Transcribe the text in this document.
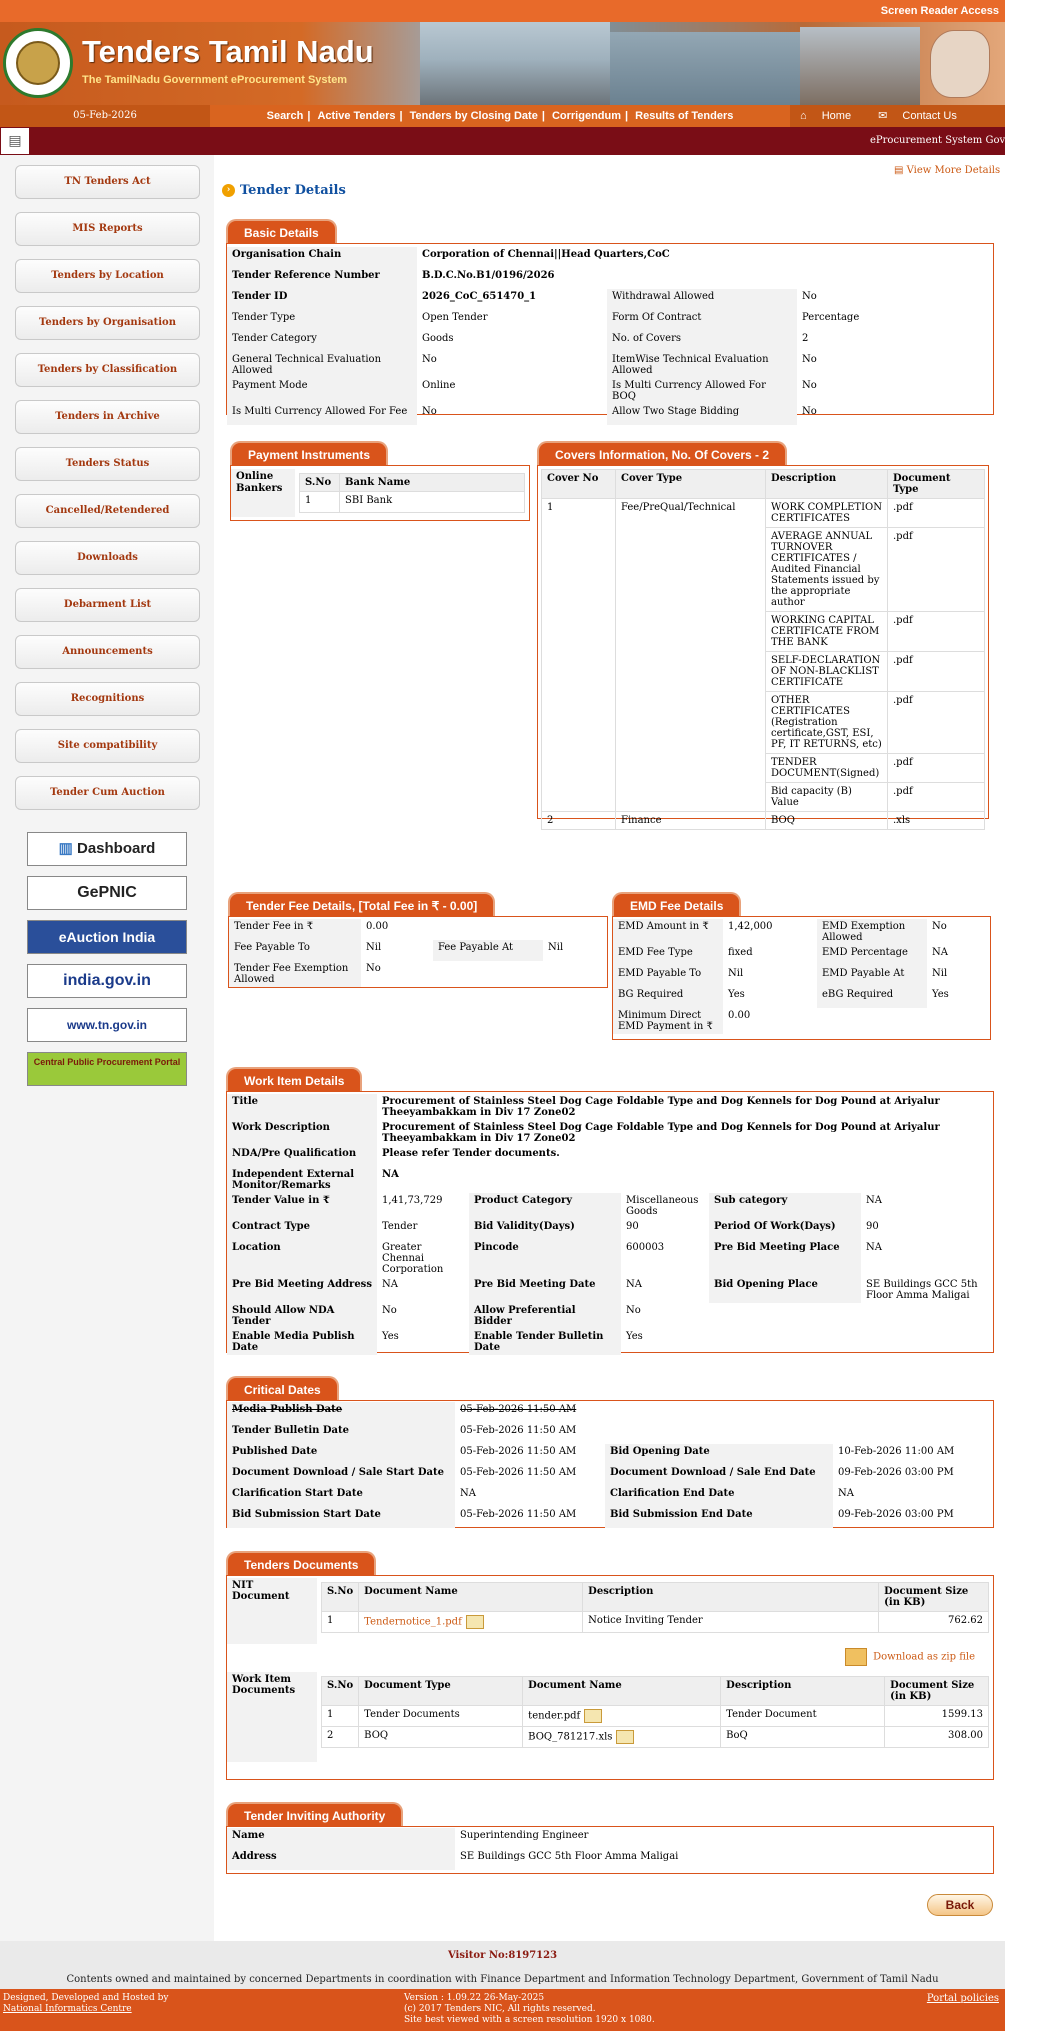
Screen Reader Access
Tenders Tamil Nadu
The TamilNadu Government eProcurement System
05-Feb-2026	Search | Active Tenders | Tenders by Closing Date | Corrigendum | Results of Tenders	⌂ Home ✉ Contact Us
▤	eProcurement System Governme
TN Tenders Act
MIS Reports
Tenders by Location
Tenders by Organisation
Tenders by Classification
Tenders in Archive
Tenders Status
Cancelled/Retendered
Downloads
Debarment List
Announcements
Recognitions
Site compatibility
Tender Cum Auction
▥ Dashboard
GePNIC
eAuction India
india.gov.in
www.tn.gov.in
Central Public Procurement Portal
▤ View More Details
› Tender Details
Basic Details
Organisation Chain	Corporation of Chennai||Head Quarters,CoC		
Tender Reference Number	B.D.C.No.B1/0196/2026		
Tender ID	2026_CoC_651470_1	Withdrawal Allowed	No
Tender Type	Open Tender	Form Of Contract	Percentage
Tender Category	Goods	No. of Covers	2
General Technical Evaluation Allowed	No	ItemWise Technical Evaluation Allowed	No
Payment Mode	Online	Is Multi Currency Allowed For BOQ	No
Is Multi Currency Allowed For Fee	No	Allow Two Stage Bidding	No
Payment Instruments
Online Bankers	
S.No	Bank Name
1	SBI Bank
Covers Information, No. Of Covers - 2
Cover No	Cover Type	Description	Document Type
1	Fee/PreQual/Technical	WORK COMPLETION CERTIFICATES	.pdf
		AVERAGE ANNUAL TURNOVER CERTIFICATES / Audited Financial Statements issued by the appropriate author	.pdf
		WORKING CAPITAL CERTIFICATE FROM THE BANK	.pdf
		SELF-DECLARATION OF NON-BLACKLIST CERTIFICATE	.pdf
		OTHER CERTIFICATES (Registration certificate,GST, ESI, PF, IT RETURNS, etc)	.pdf
		TENDER DOCUMENT(Signed)	.pdf
		Bid capacity (B) Value	.pdf
2	Finance	BOQ	.xls
Tender Fee Details, [Total Fee in ₹ - 0.00]
Tender Fee in ₹	0.00		
Fee Payable To	Nil	Fee Payable At	Nil
Tender Fee Exemption Allowed	No		
EMD Fee Details
EMD Amount in ₹	1,42,000	EMD Exemption Allowed	No
EMD Fee Type	fixed	EMD Percentage	NA
EMD Payable To	Nil	EMD Payable At	Nil
BG Required	Yes	eBG Required	Yes
Minimum Direct EMD Payment in ₹	0.00		
Work Item Details
Title	Procurement of Stainless Steel Dog Cage Foldable Type and Dog Kennels for Dog Pound at Ariyalur Theeyambakkam in Div 17 Zone02				
Work Description	Procurement of Stainless Steel Dog Cage Foldable Type and Dog Kennels for Dog Pound at Ariyalur Theeyambakkam in Div 17 Zone02				
NDA/Pre Qualification	Please refer Tender documents.				
Independent External Monitor/Remarks	NA				
Tender Value in ₹	1,41,73,729	Product Category	Miscellaneous Goods	Sub category	NA
Contract Type	Tender	Bid Validity(Days)	90	Period Of Work(Days)	90
Location	Greater Chennai Corporation	Pincode	600003	Pre Bid Meeting Place	NA
Pre Bid Meeting Address	NA	Pre Bid Meeting Date	NA	Bid Opening Place	SE Buildings GCC 5th Floor Amma Maligai
Should Allow NDA Tender	No	Allow Preferential Bidder	No		
Enable Media Publish Date	Yes	Enable Tender Bulletin Date	Yes		
Critical Dates
Media Publish Date	05-Feb-2026 11:50 AM		
Tender Bulletin Date	05-Feb-2026 11:50 AM		
Published Date	05-Feb-2026 11:50 AM	Bid Opening Date	10-Feb-2026 11:00 AM
Document Download / Sale Start Date	05-Feb-2026 11:50 AM	Document Download / Sale End Date	09-Feb-2026 03:00 PM
Clarification Start Date	NA	Clarification End Date	NA
Bid Submission Start Date	05-Feb-2026 11:50 AM	Bid Submission End Date	09-Feb-2026 03:00 PM
Tenders Documents
NIT Document		S.No	Document Name	Description	Document Size (in KB)
1	Tendernotice_1.pdf	Notice Inviting Tender	762.62
Download as zip file
Work Item Documents		S.No	Document Type	Document Name	Description	Document Size (in KB)
1	Tender Documents	tender.pdf	Tender Document	1599.13
2	BOQ	BOQ_781217.xls	BoQ	308.00
Tender Inviting Authority
Name	Superintending Engineer
Address	SE Buildings GCC 5th Floor Amma Maligai
Back
Visitor No:8197123
Contents owned and maintained by concerned Departments in coordination with Finance Department and Information Technology Department, Government of Tamil Nadu
Designed, Developed and Hosted by
National Informatics Centre
Version : 1.09.22 26-May-2025
(c) 2017 Tenders NIC, All rights reserved.
Site best viewed with a screen resolution 1920 x 1080.
Portal policies
